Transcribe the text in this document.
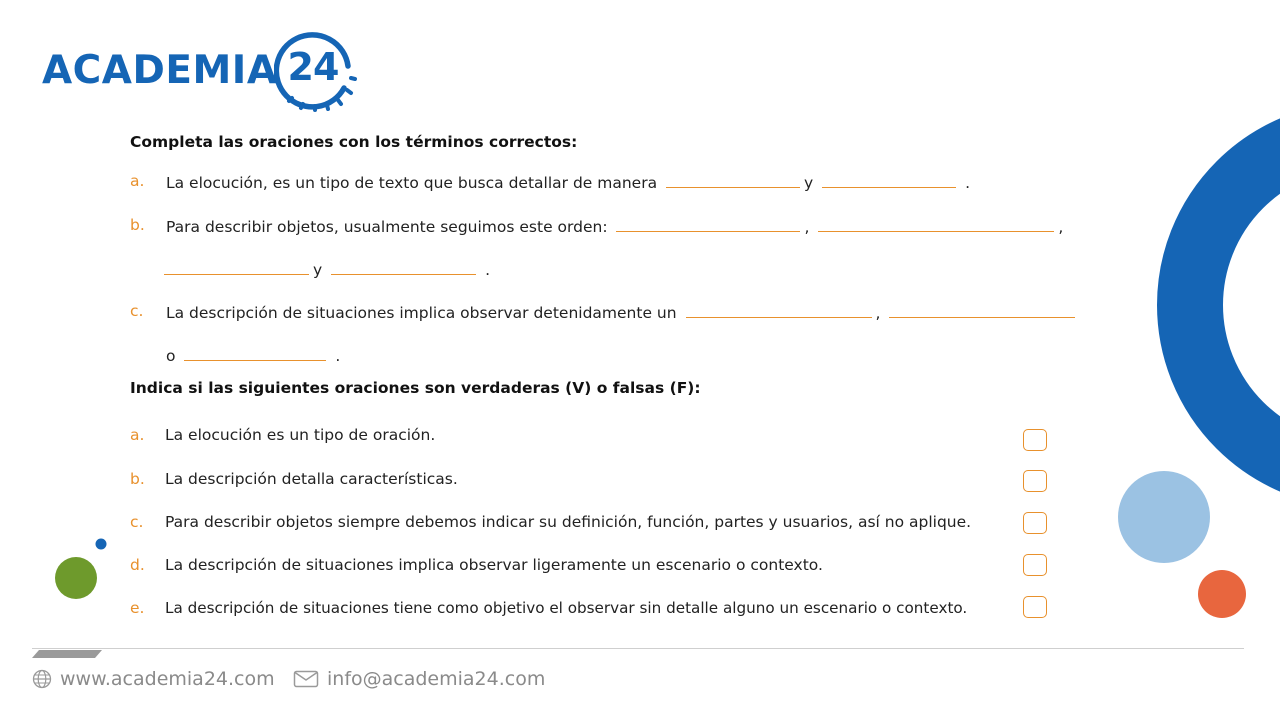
ACADEMIA 24
Completa las oraciones con los términos correctos:
a. La elocución, es un tipo de texto que busca detallar de manera	y	.
b. Para describir objetos, usualmente seguimos este orden:	,	,
y	.
c. La descripción de situaciones implica observar detenidamente un	,
o	.
Indica si las siguientes oraciones son verdaderas (V) o falsas (F):
a. La elocución es un tipo de oración.
b. La descripción detalla características.
c. Para describir objetos siempre debemos indicar su definición, función, partes y usuarios, así no aplique.
d. La descripción de situaciones implica observar ligeramente un escenario o contexto.
e. La descripción de situaciones tiene como objetivo el observar sin detalle alguno un escenario o contexto.
www.academia24.com	info@academia24.com
